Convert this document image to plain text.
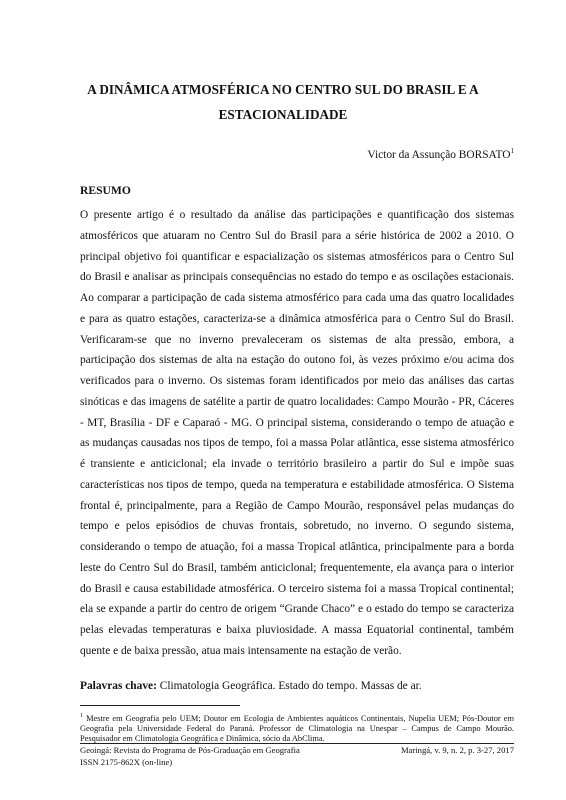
A DINÂMICA ATMOSFÉRICA NO CENTRO SUL DO BRASIL E A ESTACIONALIDADE
Victor da Assunção BORSATO$^1$
RESUMO

O presente artigo é o resultado da análise das participações e quantificação dos sistemas atmosféricos que atuaram no Centro Sul do Brasil para a série histórica de 2002 a 2010. O principal objetivo foi quantificar e espacialização os sistemas atmosféricos para o Centro Sul do Brasil e analisar as principais consequências no estado do tempo e as oscilações estacionais. Ao comparar a participação de cada sistema atmosférico para cada uma das quatro localidades e para as quatro estações, caracteriza-se a dinâmica atmosférica para o Centro Sul do Brasil. Verificaram-se que no inverno prevaleceram os sistemas de alta pressão, embora, a participação dos sistemas de alta na estação do outono foi, às vezes próximo e/ou acima dos verificados para o inverno. Os sistemas foram identificados por meio das análises das cartas sinóticas e das imagens de satélite a partir de quatro localidades: Campo Mourão - PR, Cáceres - MT, Brasília - DF e Caparaó - MG. O principal sistema, considerando o tempo de atuação e as mudanças causadas nos tipos de tempo, foi a massa Polar atlântica, esse sistema atmosférico é transiente e anticiclonal; ela invade o território brasileiro a partir do Sul e impõe suas características nos tipos de tempo, queda na temperatura e estabilidade atmosférica. O Sistema frontal é, principalmente, para a Região de Campo Mourão, responsável pelas mudanças do tempo e pelos episódios de chuvas frontais, sobretudo, no inverno. O segundo sistema, considerando o tempo de atuação, foi a massa Tropical atlântica, principalmente para a borda leste do Centro Sul do Brasil, também anticiclonal; frequentemente, ela avança para o interior do Brasil e causa estabilidade atmosférica. O terceiro sistema foi a massa Tropical continental; ela se expande a partir do centro de origem “Grande Chaco” e o estado do tempo se caracteriza pelas elevadas temperaturas e baixa pluviosidade. A massa Equatorial continental, também quente e de baixa pressão, atua mais intensamente na estação de verão.

Palavras chave: Climatologia Geográfica. Estado do tempo. Massas de ar.

$^1$ Mestre em Geografia pelo UEM; Doutor em Ecologia de Ambientes aquáticos Continentais, Nupelia UEM; Pós-Doutor em Geografia pela Universidade Federal do Paraná. Professor de Climatologia na Unespar – Campus de Campo Mourão. Pesquisador em Climatologia Geográfica e Dinâmica, sócio da AbClima.

Geoingá: Revista do Programa de Pós-Graduação em Geografia	Maringá, v. 9, n. 2, p. 3-27, 2017
ISSN 2175-862X (on-line)
